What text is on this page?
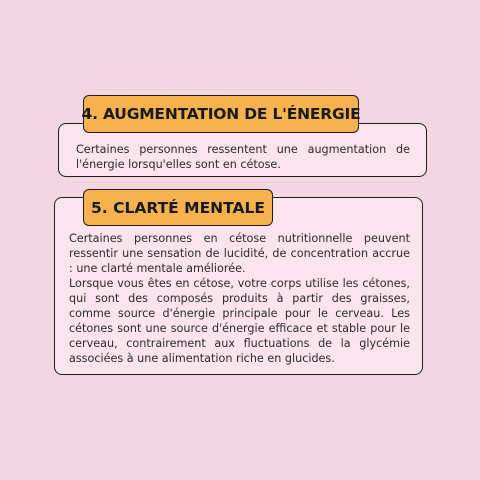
Certaines personnes ressentent une augmentation de l'énergie lorsqu'elles sont en cétose.

4. AUGMENTATION DE L'ÉNERGIE

Certaines personnes en cétose nutritionnelle peuvent ressentir une sensation de lucidité, de concentration accrue : une clarté mentale améliorée.

Lorsque vous êtes en cétose, votre corps utilise les cétones, qui sont des composés produits à partir des graisses, comme source d'énergie principale pour le cerveau. Les cétones sont une source d'énergie efficace et stable pour le cerveau, contrairement aux fluctuations de la glycémie associées à une alimentation riche en glucides.

5. CLARTÉ MENTALE
